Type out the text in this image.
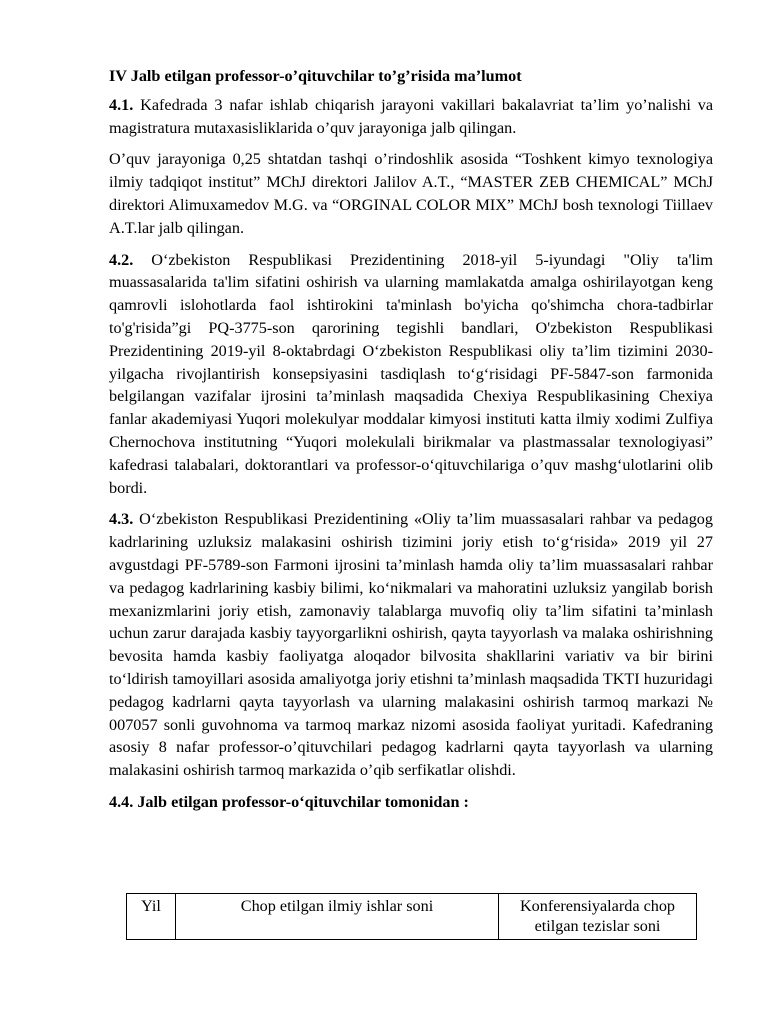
IV Jalb etilgan professor-o’qituvchilar to’g’risida ma’lumot

4.1. Kafedrada 3 nafar ishlab chiqarish jarayoni vakillari bakalavriat ta’lim yo’nalishi va magistratura mutaxasisliklarida o’quv jarayoniga jalb qilingan.

O’quv jarayoniga 0,25 shtatdan tashqi o’rindoshlik asosida “Toshkent kimyo texnologiya ilmiy tadqiqot institut” MChJ direktori Jalilov A.T., “MASTER ZEB CHEMICAL” MChJ direktori Alimuxamedov M.G. va “ORGINAL COLOR MIX” MChJ bosh texnologi Tiillaev A.T.lar jalb qilingan.

4.2. O‘zbekiston Respublikasi Prezidentining 2018-yil 5-iyundagi "Oliy ta'lim muassasalarida ta'lim sifatini oshirish va ularning mamlakatda amalga oshirilayotgan keng qamrovli islohotlarda faol ishtirokini ta'minlash bo'yicha qo'shimcha chora-tadbirlar to'g'risida”gi PQ-3775-son qarorining tegishli bandlari, O'zbekiston Respublikasi Prezidentining 2019-yil 8-oktabrdagi O‘zbekiston Respublikasi oliy ta’lim tizimini 2030-yilgacha rivojlantirish konsepsiyasini tasdiqlash to‘g‘risidagi PF-5847-son farmonida belgilangan vazifalar ijrosini ta’minlash maqsadida Chexiya Respublikasining Chexiya fanlar akademiyasi Yuqori molekulyar moddalar kimyosi instituti katta ilmiy xodimi Zulfiya Chernochova institutning “Yuqori molekulali birikmalar va plastmassalar texnologiyasi” kafedrasi talabalari, doktorantlari va professor-o‘qituvchilariga o’quv mashg‘ulotlarini olib bordi.

4.3. O‘zbekiston Respublikasi Prezidentining «Oliy ta’lim muassasalari rahbar va pedagog kadrlarining uzluksiz malakasini oshirish tizimini joriy etish to‘g‘risida» 2019 yil 27 avgustdagi PF-5789-son Farmoni ijrosini ta’minlash hamda oliy ta’lim muassasalari rahbar va pedagog kadrlarining kasbiy bilimi, ko‘nikmalari va mahoratini uzluksiz yangilab borish mexanizmlarini joriy etish, zamonaviy talablarga muvofiq oliy ta’lim sifatini ta’minlash uchun zarur darajada kasbiy tayyorgarlikni oshirish, qayta tayyorlash va malaka oshirishning bevosita hamda kasbiy faoliyatga aloqador bilvosita shakllarini variativ va bir birini to‘ldirish tamoyillari asosida amaliyotga joriy etishni ta’minlash maqsadida TKTI huzuridagi pedagog kadrlarni qayta tayyorlash va ularning malakasini oshirish tarmoq markazi № 007057 sonli guvohnoma va tarmoq markaz nizomi asosida faoliyat yuritadi. Kafedraning asosiy 8 nafar professor-o’qituvchilari pedagog kadrlarni qayta tayyorlash va ularning malakasini oshirish tarmoq markazida o’qib serfikatlar olishdi.

4.4. Jalb etilgan professor-o‘qituvchilar tomonidan :
Yil	Chop etilgan ilmiy ishlar soni	Konferensiyalarda chop etilgan tezislar soni
